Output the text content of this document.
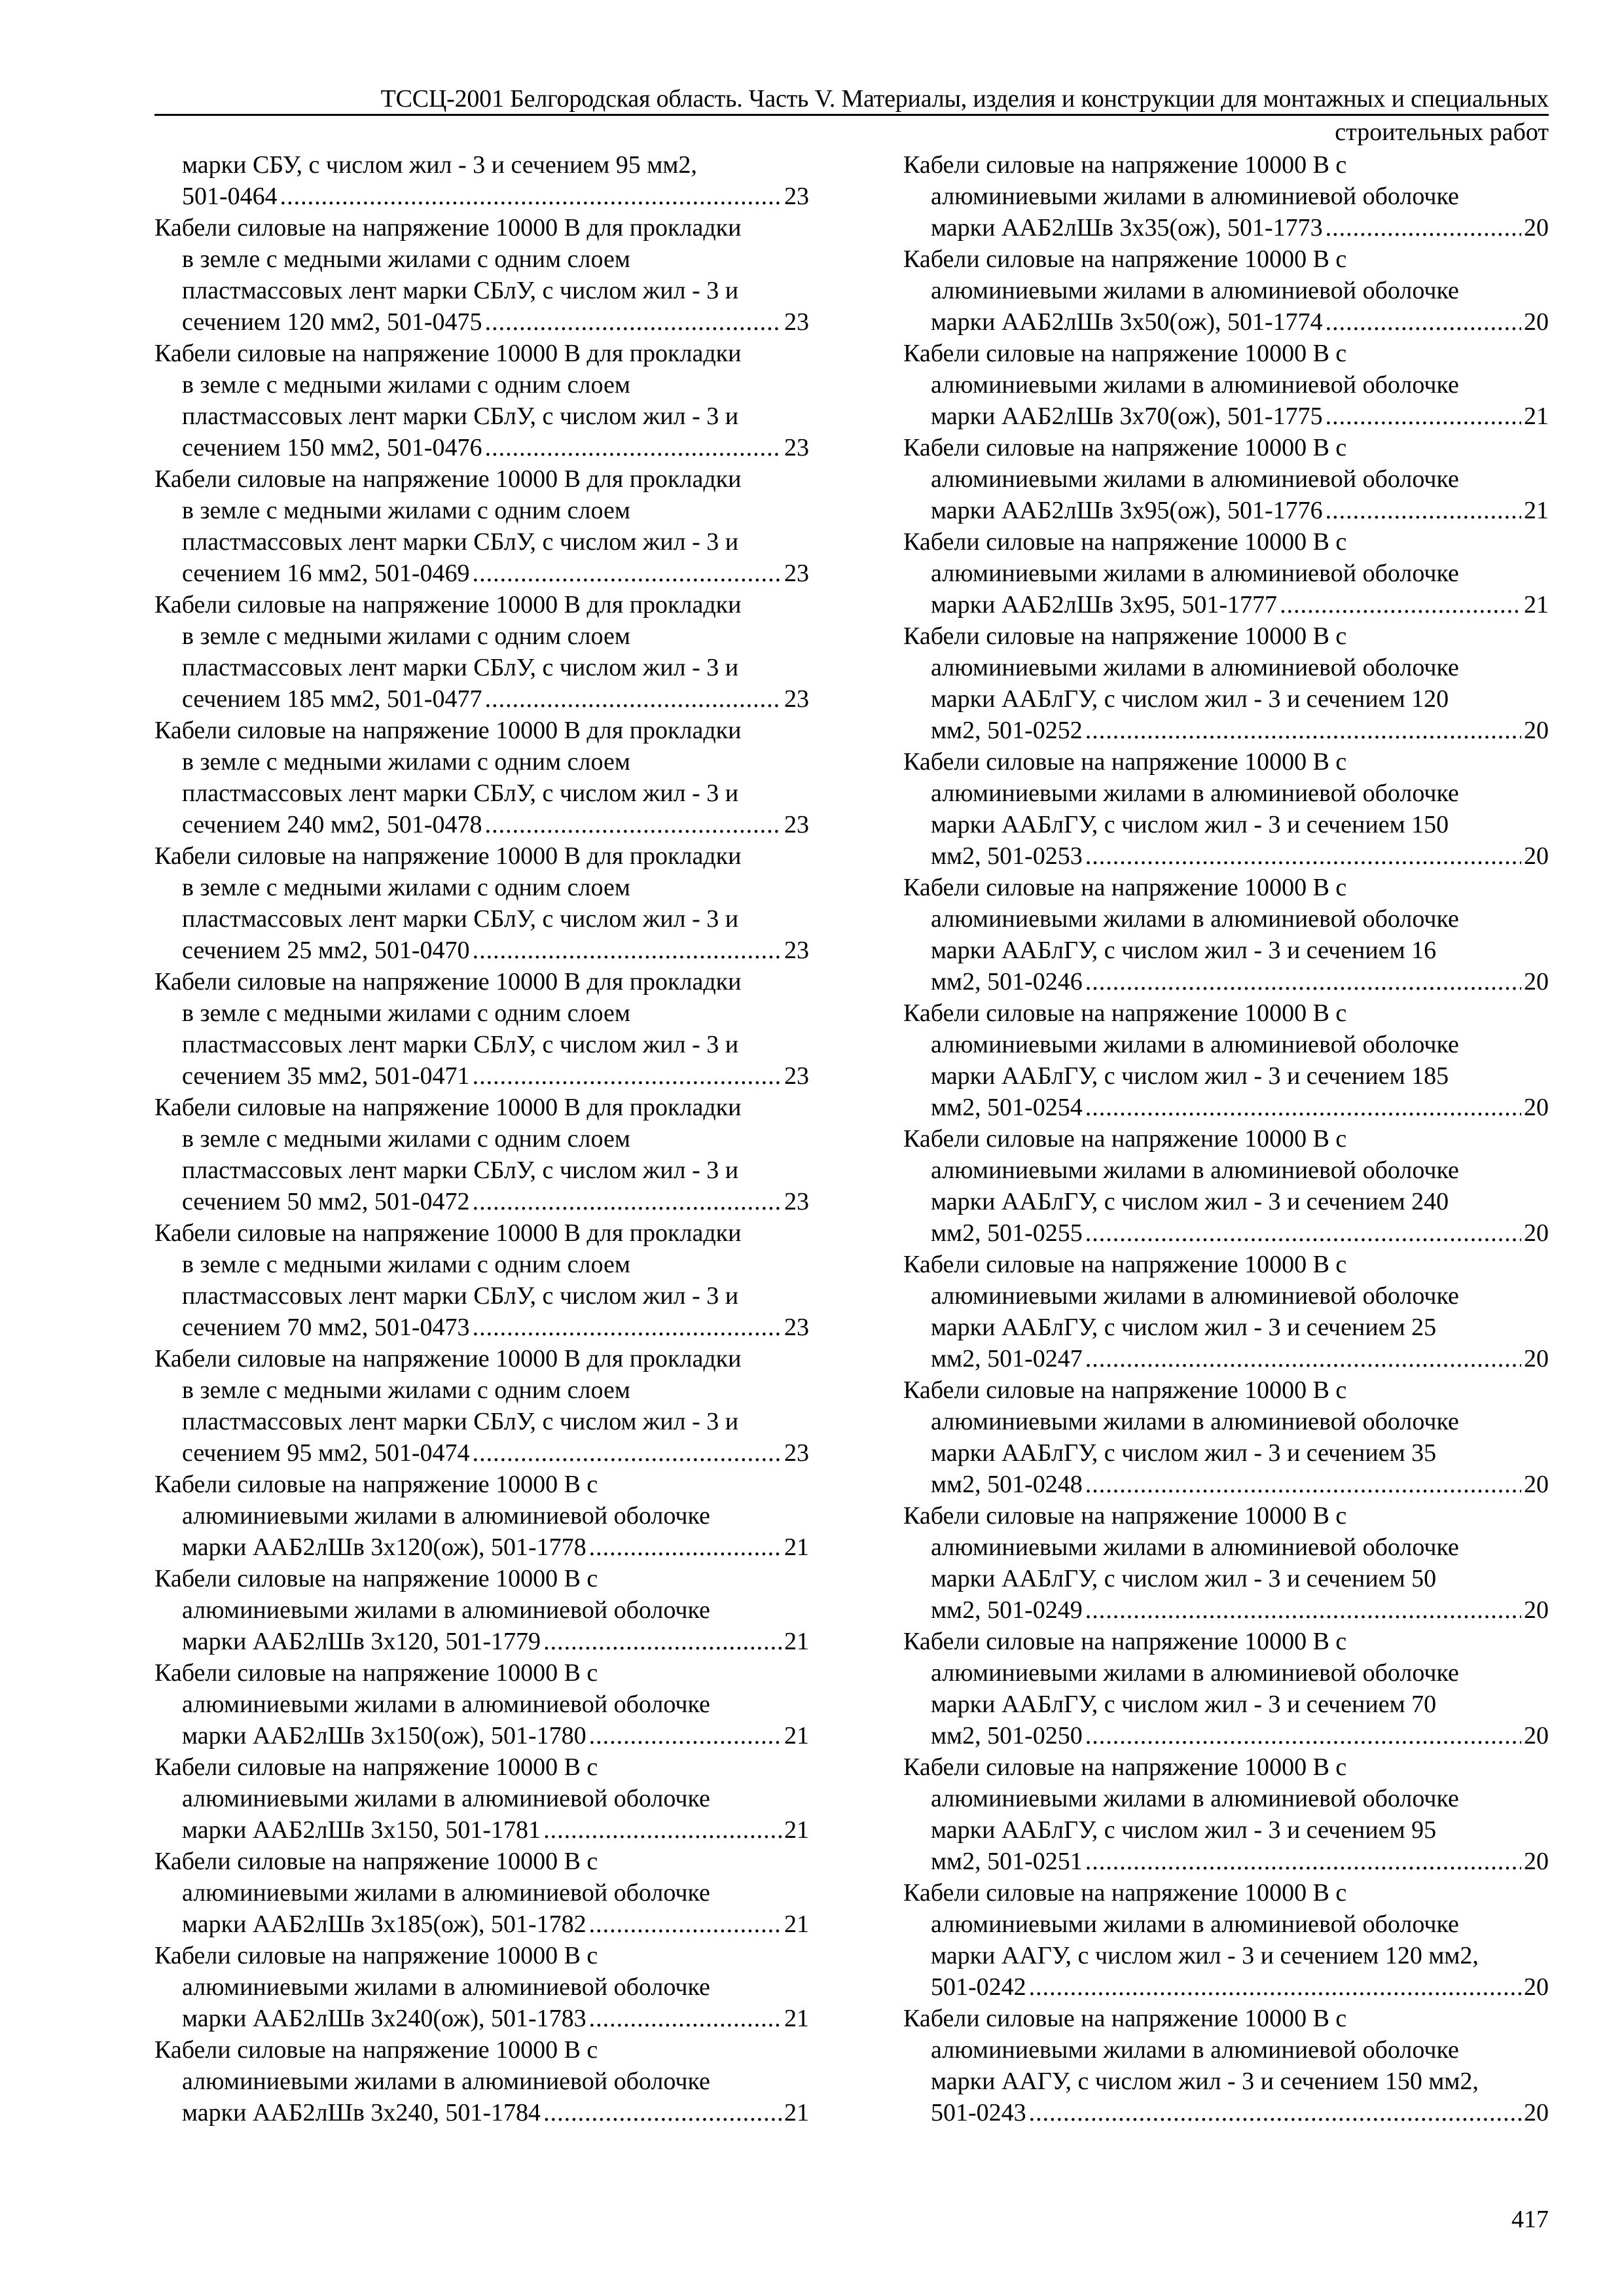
ТССЦ-2001 Белгородская область. Часть V. Материалы, изделия и конструкции для монтажных и специальных
строительных работ
марки СБУ, с числом жил - 3 и сечением 95 мм2,
501-0464 .....	23
Кабели силовые на напряжение 10000 В для прокладки
в земле с медными жилами с одним слоем
пластмассовых лент марки СБлУ, с числом жил - 3 и
сечением 120 мм2, 501-0475 .....	23
Кабели силовые на напряжение 10000 В для прокладки
в земле с медными жилами с одним слоем
пластмассовых лент марки СБлУ, с числом жил - 3 и
сечением 150 мм2, 501-0476 .....	23
Кабели силовые на напряжение 10000 В для прокладки
в земле с медными жилами с одним слоем
пластмассовых лент марки СБлУ, с числом жил - 3 и
сечением 16 мм2, 501-0469 .....	23
Кабели силовые на напряжение 10000 В для прокладки
в земле с медными жилами с одним слоем
пластмассовых лент марки СБлУ, с числом жил - 3 и
сечением 185 мм2, 501-0477 .....	23
Кабели силовые на напряжение 10000 В для прокладки
в земле с медными жилами с одним слоем
пластмассовых лент марки СБлУ, с числом жил - 3 и
сечением 240 мм2, 501-0478 .....	23
Кабели силовые на напряжение 10000 В для прокладки
в земле с медными жилами с одним слоем
пластмассовых лент марки СБлУ, с числом жил - 3 и
сечением 25 мм2, 501-0470 .....	23
Кабели силовые на напряжение 10000 В для прокладки
в земле с медными жилами с одним слоем
пластмассовых лент марки СБлУ, с числом жил - 3 и
сечением 35 мм2, 501-0471 .....	23
Кабели силовые на напряжение 10000 В для прокладки
в земле с медными жилами с одним слоем
пластмассовых лент марки СБлУ, с числом жил - 3 и
сечением 50 мм2, 501-0472 .....	23
Кабели силовые на напряжение 10000 В для прокладки
в земле с медными жилами с одним слоем
пластмассовых лент марки СБлУ, с числом жил - 3 и
сечением 70 мм2, 501-0473 .....	23
Кабели силовые на напряжение 10000 В для прокладки
в земле с медными жилами с одним слоем
пластмассовых лент марки СБлУ, с числом жил - 3 и
сечением 95 мм2, 501-0474 .....	23
Кабели силовые на напряжение 10000 В с
алюминиевыми жилами в алюминиевой оболочке
марки ААБ2лШв 3х120(ож), 501-1778 .....	21
Кабели силовые на напряжение 10000 В с
алюминиевыми жилами в алюминиевой оболочке
марки ААБ2лШв 3х120, 501-1779 .....	21
Кабели силовые на напряжение 10000 В с
алюминиевыми жилами в алюминиевой оболочке
марки ААБ2лШв 3х150(ож), 501-1780 .....	21
Кабели силовые на напряжение 10000 В с
алюминиевыми жилами в алюминиевой оболочке
марки ААБ2лШв 3х150, 501-1781 .....	21
Кабели силовые на напряжение 10000 В с
алюминиевыми жилами в алюминиевой оболочке
марки ААБ2лШв 3х185(ож), 501-1782 .....	21
Кабели силовые на напряжение 10000 В с
алюминиевыми жилами в алюминиевой оболочке
марки ААБ2лШв 3х240(ож), 501-1783 .....	21
Кабели силовые на напряжение 10000 В с
алюминиевыми жилами в алюминиевой оболочке
марки ААБ2лШв 3х240, 501-1784 .....	21
Кабели силовые на напряжение 10000 В с
алюминиевыми жилами в алюминиевой оболочке
марки ААБ2лШв 3х35(ож), 501-1773 .....	20
Кабели силовые на напряжение 10000 В с
алюминиевыми жилами в алюминиевой оболочке
марки ААБ2лШв 3х50(ож), 501-1774 .....	20
Кабели силовые на напряжение 10000 В с
алюминиевыми жилами в алюминиевой оболочке
марки ААБ2лШв 3х70(ож), 501-1775 .....	21
Кабели силовые на напряжение 10000 В с
алюминиевыми жилами в алюминиевой оболочке
марки ААБ2лШв 3х95(ож), 501-1776 .....	21
Кабели силовые на напряжение 10000 В с
алюминиевыми жилами в алюминиевой оболочке
марки ААБ2лШв 3х95, 501-1777 .....	21
Кабели силовые на напряжение 10000 В с
алюминиевыми жилами в алюминиевой оболочке
марки ААБлГУ, с числом жил - 3 и сечением 120
мм2, 501-0252 .....	20
Кабели силовые на напряжение 10000 В с
алюминиевыми жилами в алюминиевой оболочке
марки ААБлГУ, с числом жил - 3 и сечением 150
мм2, 501-0253 .....	20
Кабели силовые на напряжение 10000 В с
алюминиевыми жилами в алюминиевой оболочке
марки ААБлГУ, с числом жил - 3 и сечением 16
мм2, 501-0246 .....	20
Кабели силовые на напряжение 10000 В с
алюминиевыми жилами в алюминиевой оболочке
марки ААБлГУ, с числом жил - 3 и сечением 185
мм2, 501-0254 .....	20
Кабели силовые на напряжение 10000 В с
алюминиевыми жилами в алюминиевой оболочке
марки ААБлГУ, с числом жил - 3 и сечением 240
мм2, 501-0255 .....	20
Кабели силовые на напряжение 10000 В с
алюминиевыми жилами в алюминиевой оболочке
марки ААБлГУ, с числом жил - 3 и сечением 25
мм2, 501-0247 .....	20
Кабели силовые на напряжение 10000 В с
алюминиевыми жилами в алюминиевой оболочке
марки ААБлГУ, с числом жил - 3 и сечением 35
мм2, 501-0248 .....	20
Кабели силовые на напряжение 10000 В с
алюминиевыми жилами в алюминиевой оболочке
марки ААБлГУ, с числом жил - 3 и сечением 50
мм2, 501-0249 .....	20
Кабели силовые на напряжение 10000 В с
алюминиевыми жилами в алюминиевой оболочке
марки ААБлГУ, с числом жил - 3 и сечением 70
мм2, 501-0250 .....	20
Кабели силовые на напряжение 10000 В с
алюминиевыми жилами в алюминиевой оболочке
марки ААБлГУ, с числом жил - 3 и сечением 95
мм2, 501-0251 .....	20
Кабели силовые на напряжение 10000 В с
алюминиевыми жилами в алюминиевой оболочке
марки ААГУ, с числом жил - 3 и сечением 120 мм2,
501-0242 .....	20
Кабели силовые на напряжение 10000 В с
алюминиевыми жилами в алюминиевой оболочке
марки ААГУ, с числом жил - 3 и сечением 150 мм2,
501-0243 .....	20
417
